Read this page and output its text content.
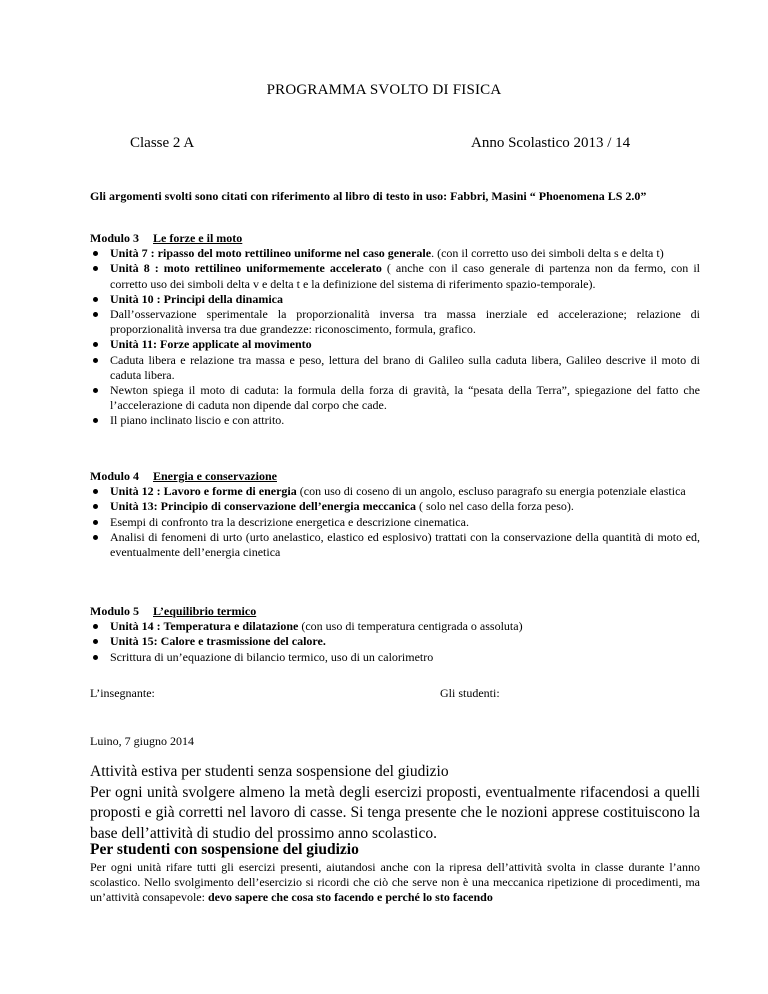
PROGRAMMA SVOLTO DI FISICA
Classe 2 A	Anno Scolastico 2013 / 14
Gli argomenti svolti sono citati con riferimento al libro di testo in uso: Fabbri, Masini “ Phoenomena LS 2.0”
Modulo 3 Le forze e il moto
Unità 7 : ripasso del moto rettilineo uniforme nel caso generale. (con il corretto uso dei simboli delta s e delta t)
Unità 8 : moto rettilineo uniformemente accelerato ( anche con il caso generale di partenza non da fermo, con il corretto uso dei simboli delta v e delta t e la definizione del sistema di riferimento spazio-temporale).
Unità 10 : Principi della dinamica
Dall’osservazione sperimentale la proporzionalità inversa tra massa inerziale ed accelerazione; relazione di proporzionalità inversa tra due grandezze: riconoscimento, formula, grafico.
Unità 11: Forze applicate al movimento
Caduta libera e relazione tra massa e peso, lettura del brano di Galileo sulla caduta libera, Galileo descrive il moto di caduta libera.
Newton spiega il moto di caduta: la formula della forza di gravità, la “pesata della Terra”, spiegazione del fatto che l’accelerazione di caduta non dipende dal corpo che cade.
Il piano inclinato liscio e con attrito.
Modulo 4 Energia e conservazione
Unità 12 : Lavoro e forme di energia (con uso di coseno di un angolo, escluso paragrafo su energia potenziale elastica
Unità 13: Principio di conservazione dell’energia meccanica ( solo nel caso della forza peso).
Esempi di confronto tra la descrizione energetica e descrizione cinematica.
Analisi di fenomeni di urto (urto anelastico, elastico ed esplosivo) trattati con la conservazione della quantità di moto ed, eventualmente dell’energia cinetica
Modulo 5 L’equilibrio termico
Unità 14 : Temperatura e dilatazione (con uso di temperatura centigrada o assoluta)
Unità 15: Calore e trasmissione del calore.
Scrittura di un’equazione di bilancio termico, uso di un calorimetro
L’insegnante:	Gli studenti:
Luino, 7 giugno 2014
Attività estiva per studenti senza sospensione del giudizio
Per ogni unità svolgere almeno la metà degli esercizi proposti, eventualmente rifacendosi a quelli proposti e già corretti nel lavoro di casse. Si tenga presente che le nozioni apprese costituiscono la base dell’attività di studio del prossimo anno scolastico.
Per studenti con sospensione del giudizio
Per ogni unità rifare tutti gli esercizi presenti, aiutandosi anche con la ripresa dell’attività svolta in classe durante l’anno scolastico. Nello svolgimento dell’esercizio si ricordi che ciò che serve non è una meccanica ripetizione di procedimenti, ma un’attività consapevole: devo sapere che cosa sto facendo e perché lo sto facendo
